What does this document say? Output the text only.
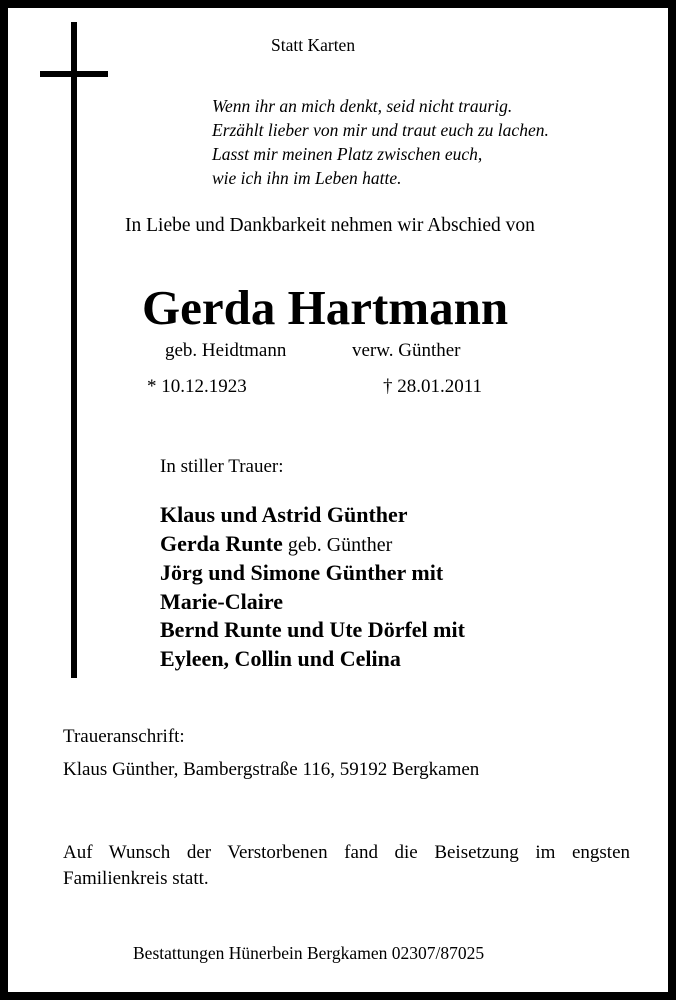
Statt Karten
Wenn ihr an mich denkt, seid nicht traurig.
Erzählt lieber von mir und traut euch zu lachen.
Lasst mir meinen Platz zwischen euch,
wie ich ihn im Leben hatte.
In Liebe und Dankbarkeit nehmen wir Abschied von
Gerda Hartmann
geb. Heidtmann	verw. Günther
* 10.12.1923	† 28.01.2011
In stiller Trauer:
Klaus und Astrid Günther
Gerda Runte geb. Günther
Jörg und Simone Günther mit
Marie-Claire
Bernd Runte und Ute Dörfel mit
Eyleen, Collin und Celina
Traueranschrift:
Klaus Günther, Bambergstraße 116, 59192 Bergkamen
Auf Wunsch der Verstorbenen fand die Beisetzung im engsten Familienkreis statt.
Bestattungen Hünerbein Bergkamen 02307/87025
